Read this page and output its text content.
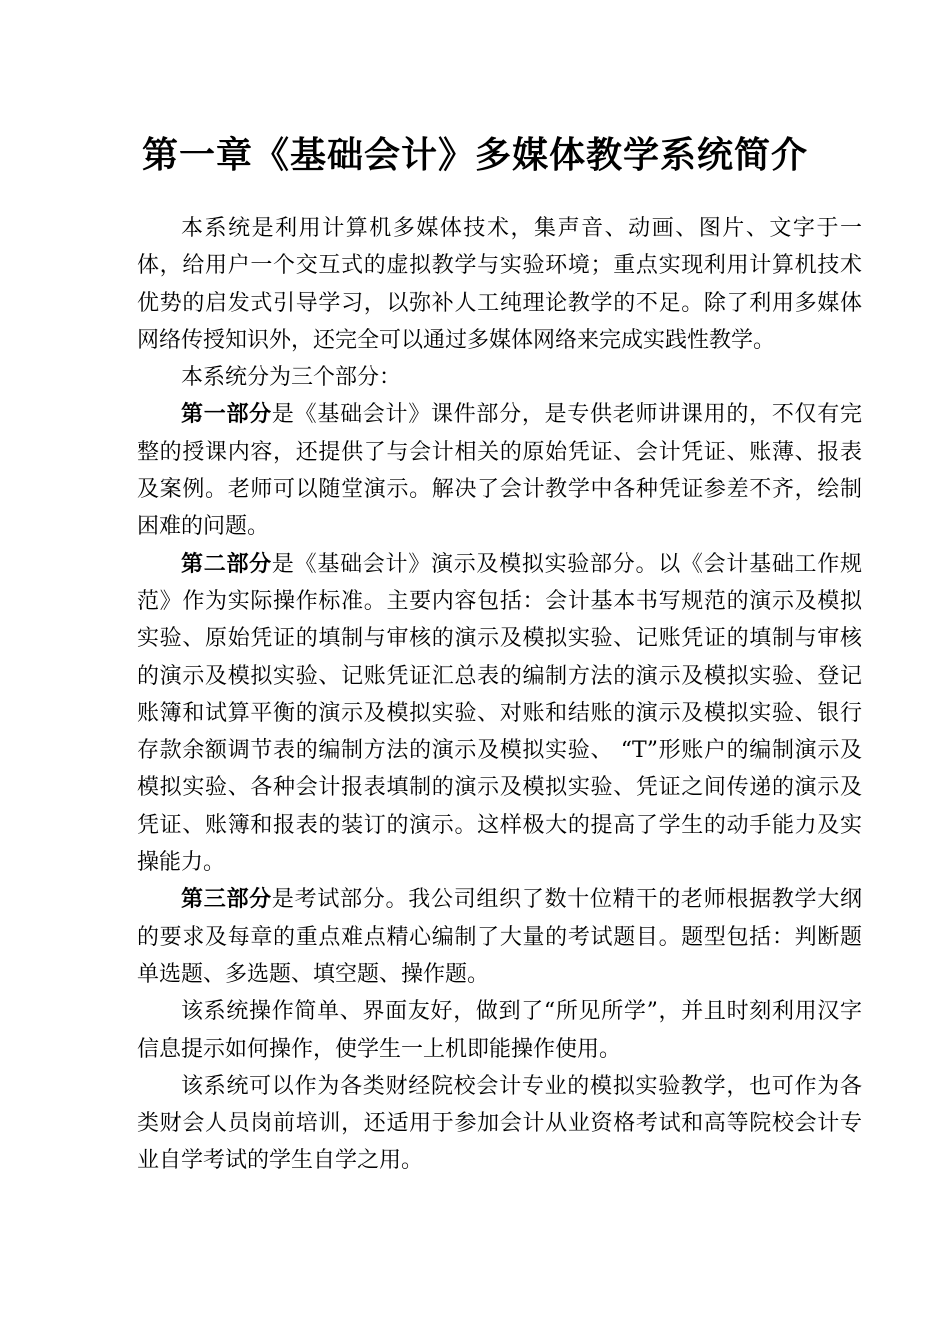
第一章《基础会计》多媒体教学系统简介

本系统是利用计算机多媒体技术，集声音、动画、图片、文字于一体，给用户一个交互式的虚拟教学与实验环境；重点实现利用计算机技术优势的启发式引导学习，以弥补人工纯理论教学的不足。除了利用多媒体网络传授知识外，还完全可以通过多媒体网络来完成实践性教学。

本系统分为三个部分：

第一部分是《基础会计》课件部分，是专供老师讲课用的，不仅有完整的授课内容，还提供了与会计相关的原始凭证、会计凭证、账薄、报表及案例。老师可以随堂演示。解决了会计教学中各种凭证参差不齐，绘制困难的问题。

第二部分是《基础会计》演示及模拟实验部分。以《会计基础工作规范》作为实际操作标准。主要内容包括：会计基本书写规范的演示及模拟实验、原始凭证的填制与审核的演示及模拟实验、记账凭证的填制与审核的演示及模拟实验、记账凭证汇总表的编制方法的演示及模拟实验、登记账簿和试算平衡的演示及模拟实验、对账和结账的演示及模拟实验、银行存款余额调节表的编制方法的演示及模拟实验、 “T”形账户的编制演示及模拟实验、各种会计报表填制的演示及模拟实验、凭证之间传递的演示及凭证、账簿和报表的装订的演示。这样极大的提高了学生的动手能力及实操能力。

第三部分是考试部分。我公司组织了数十位精干的老师根据教学大纲的要求及每章的重点难点精心编制了大量的考试题目。题型包括：判断题单选题、多选题、填空题、操作题。

该系统操作简单、界面友好，做到了“所见所学”，并且时刻利用汉字信息提示如何操作，使学生一上机即能操作使用。

该系统可以作为各类财经院校会计专业的模拟实验教学，也可作为各类财会人员岗前培训，还适用于参加会计从业资格考试和高等院校会计专业自学考试的学生自学之用。
